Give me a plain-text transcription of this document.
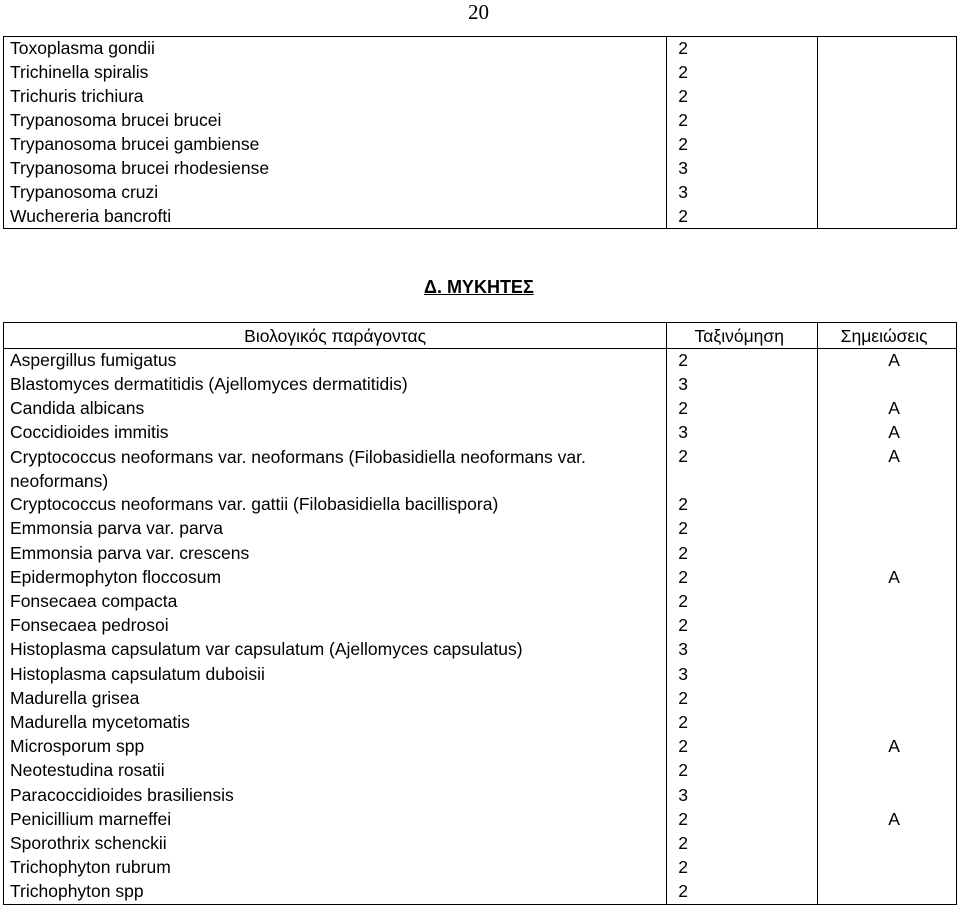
20
Toxoplasma gondii	2	
Trichinella spiralis	2	
Trichuris trichiura	2	
Trypanosoma brucei brucei	2	
Trypanosoma brucei gambiense	2	
Trypanosoma brucei rhodesiense	3	
Trypanosoma cruzi	3	
Wuchereria bancrofti	2	
Δ. ΜΥΚΗΤΕΣ
Βιολογικός παράγοντας	Ταξινόμηση	Σημειώσεις
Aspergillus fumigatus	2	A
Blastomyces dermatitidis (Ajellomyces dermatitidis)	3	
Candida albicans	2	A
Coccidioides immitis	3	A
Cryptococcus neoformans var. neoformans (Filobasidiella neoformans var. neoformans)	2	A
Cryptococcus neoformans var. gattii (Filobasidiella bacillispora)	2	
Emmonsia parva var. parva	2	
Emmonsia parva var. crescens	2	
Epidermophyton floccosum	2	A
Fonsecaea compacta	2	
Fonsecaea pedrosoi	2	
Histoplasma capsulatum var capsulatum (Ajellomyces capsulatus)	3	
Histoplasma capsulatum duboisii	3	
Madurella grisea	2	
Madurella mycetomatis	2	
Microsporum spp	2	A
Neotestudina rosatii	2	
Paracoccidioides brasiliensis	3	
Penicillium marneffei	2	A
Sporothrix schenckii	2	
Trichophyton rubrum	2	
Trichophyton spp	2	
